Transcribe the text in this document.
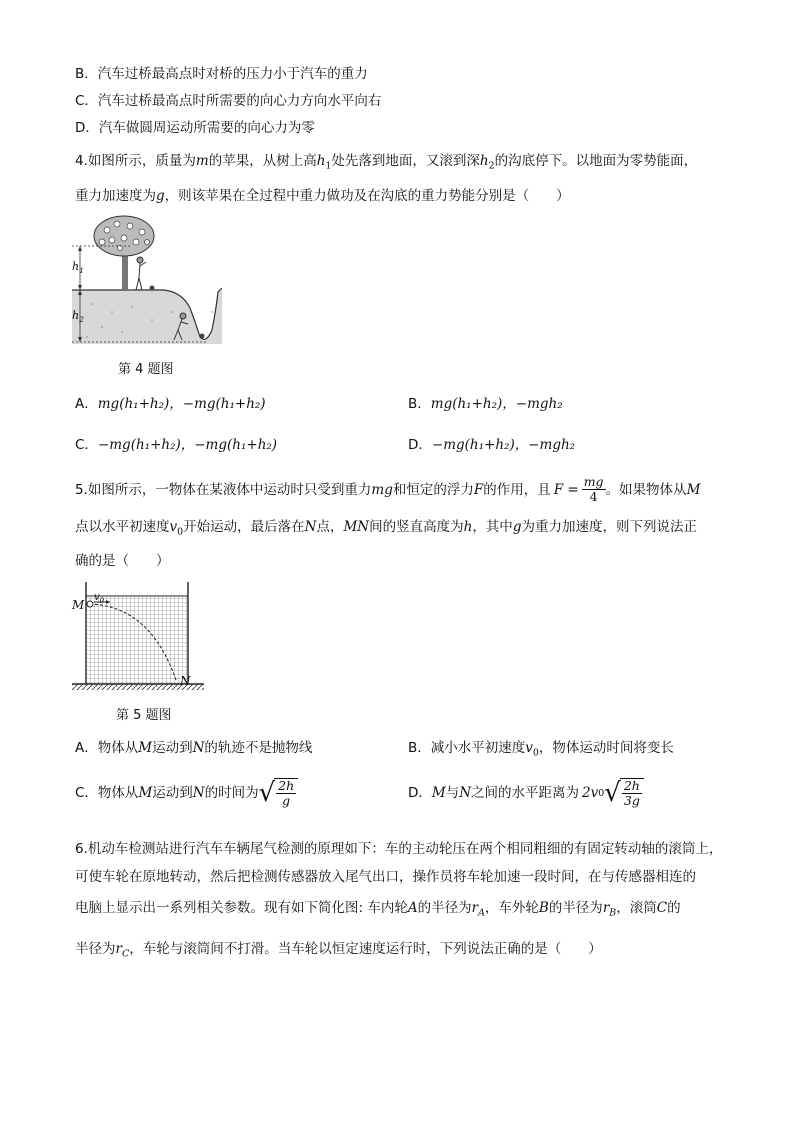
B．汽车过桥最高点时对桥的压力小于汽车的重力
C．汽车过桥最高点时所需要的向心力方向水平向右
D．汽车做圆周运动所需要的向心力为零
4.如图所示，质量为m的苹果，从树上高$h_1$处先落到地面，又滚到深$h_2$的沟底停下。以地面为零势能面，
重力加速度为g，则该苹果在全过程中重力做功及在沟底的重力势能分别是（　　）
$h_1$
$h_2$
第 4 题图
A．mg(h₁+h₂)，−mg(h₁+h₂)	B．mg(h₁+h₂)，−mgh₂
C．−mg(h₁+h₂)，−mg(h₁+h₂)	D．−mg(h₁+h₂)，−mgh₂
5.如图所示，一物体在某液体中运动时只受到重力 mg 和恒定的浮力 F 的作用，且 $F = \frac{mg}{4}$ 。如果物体从 M
点以水平初速度$v_0$开始运动，最后落在N点，MN间的竖直高度为h，其中g为重力加速度，则下列说法正
确的是（　　）
M
$v_0$
N
第 5 题图
A．物体从M运动到N的轨迹不是抛物线	B．减小水平初速度$v_0$，物体运动时间将变长
C．物体从 M 运动到 N 的时间为 √ $\frac{2h}{g}$	D． M 与 N 之间的水平距离为 2v 0 √ $\frac{2h}{3g}$
6.机动车检测站进行汽车车辆尾气检测的原理如下：车的主动轮压在两个相同粗细的有固定转动轴的滚筒上，
可使车轮在原地转动，然后把检测传感器放入尾气出口，操作员将车轮加速一段时间，在与传感器相连的
电脑上显示出一系列相关参数。现有如下简化图: 车内轮A的半径为$r_A$，车外轮B的半径为$r_B$，滚筒C的
半径为$r_C$，车轮与滚筒间不打滑。当车轮以恒定速度运行时，下列说法正确的是（　　）
